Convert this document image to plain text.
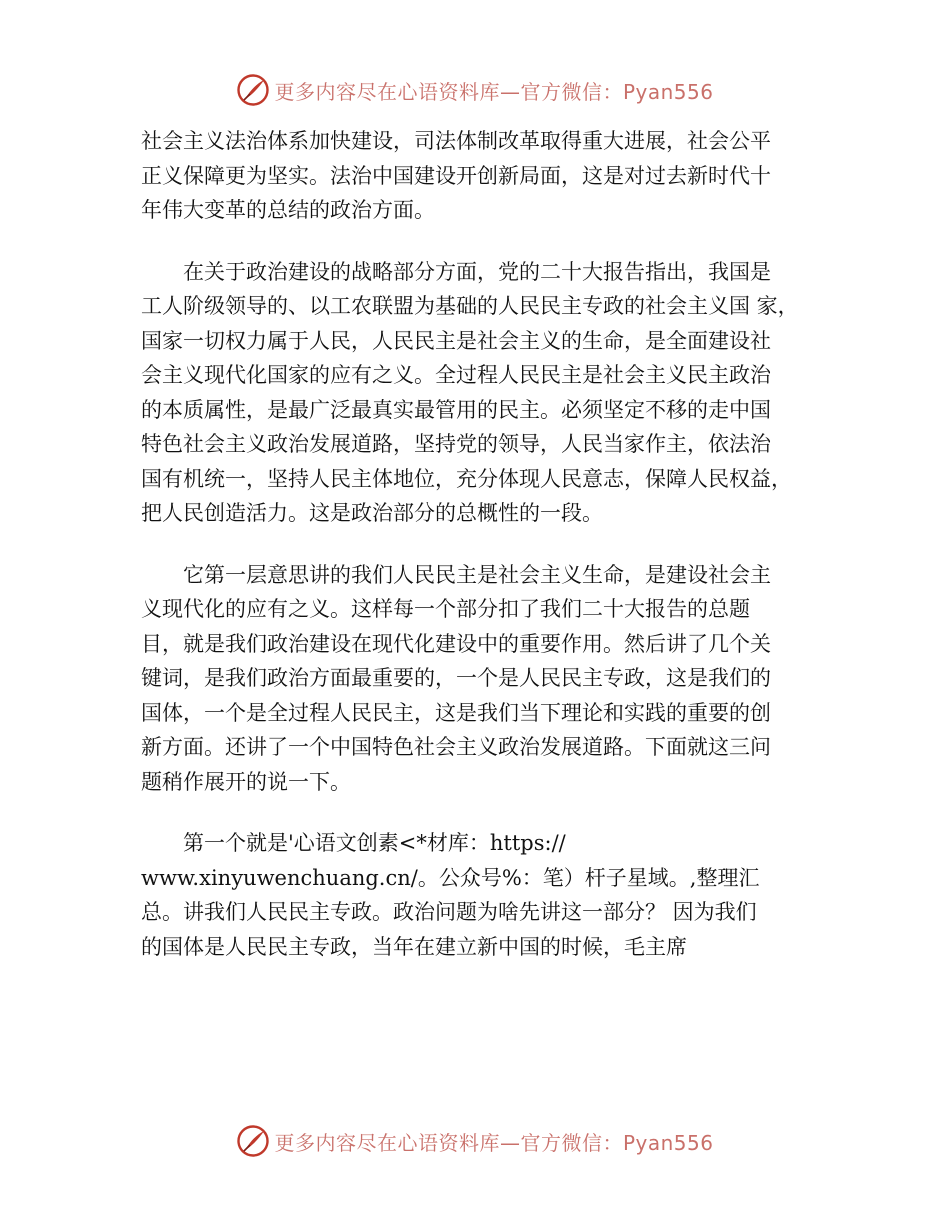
更多内容尽在心语资料库—官方微信：Pyan556
社会主义法治体系加快建设，司法体制改革取得重大进展，社会公平
正义保障更为坚实。法治中国建设开创新局面，这是对过去新时代十
年伟大变革的总结的政治方面。
在关于政治建设的战略部分方面，党的二十大报告指出，我国是
工人阶级领导的、以工农联盟为基础的人民民主专政的社会主义国 家，
国家一切权力属于人民，人民民主是社会主义的生命，是全面建设社
会主义现代化国家的应有之义。全过程人民民主是社会主义民主政治
的本质属性，是最广泛最真实最管用的民主。必须坚定不移的走中国
特色社会主义政治发展道路，坚持党的领导，人民当家作主，依法治
国有机统一，坚持人民主体地位，充分体现人民意志，保障人民权益，
把人民创造活力。这是政治部分的总概性的一段。
它第一层意思讲的我们人民民主是社会主义生命，是建设社会主
义现代化的应有之义。这样每一个部分扣了我们二十大报告的总题
目，就是我们政治建设在现代化建设中的重要作用。然后讲了几个关
键词，是我们政治方面最重要的，一个是人民民主专政，这是我们的
国体，一个是全过程人民民主，这是我们当下理论和实践的重要的创
新方面。还讲了一个中国特色社会主义政治发展道路。下面就这三问
题稍作展开的说一下。
第一个就是'心语文创素<*材库：https://
www.xinyuwenchuang.cn/。公众号%：笔）杆子星域。,整理汇
总。讲我们人民民主专政。政治问题为啥先讲这一部分？ 因为我们
的国体是人民民主专政，当年在建立新中国的时候，毛主席
更多内容尽在心语资料库—官方微信：Pyan556
